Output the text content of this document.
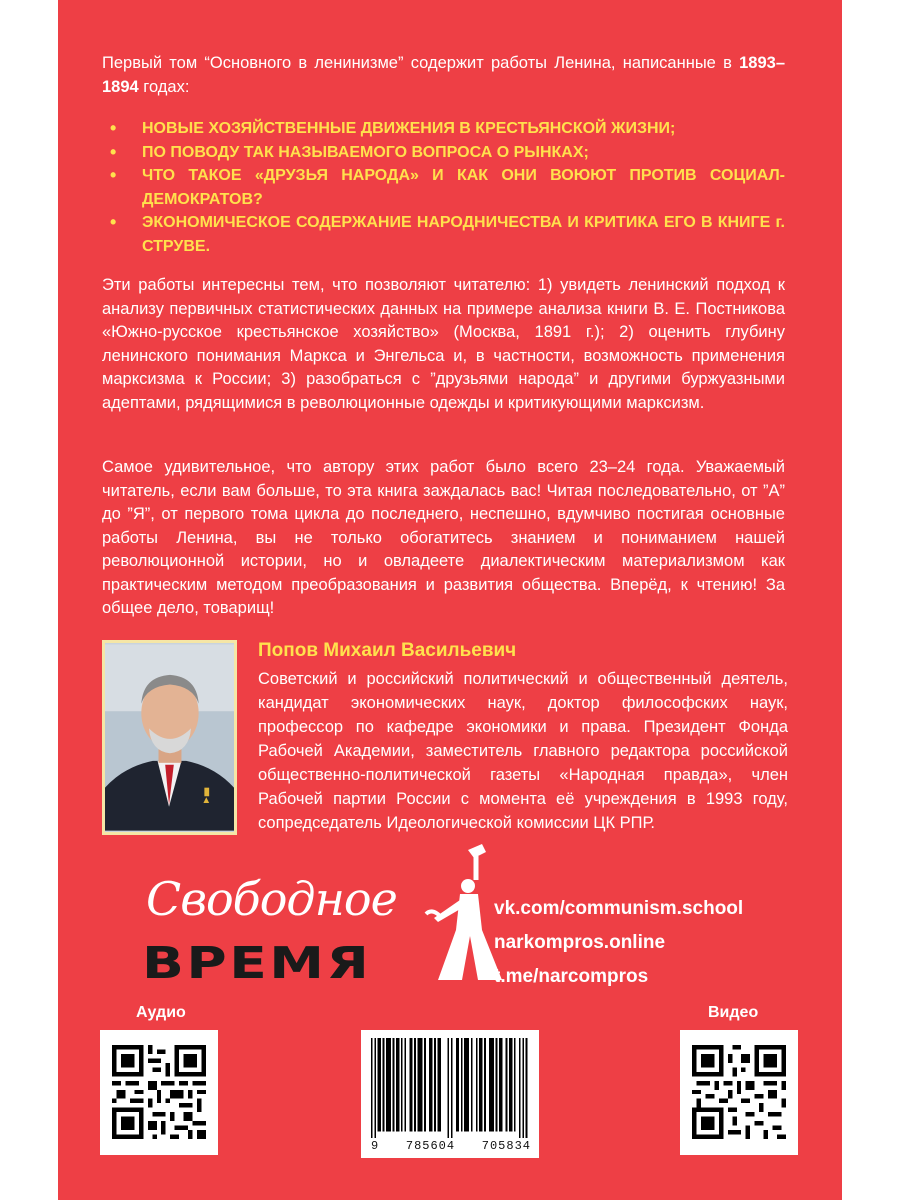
Первый том “Основного в ленинизме” содержит работы Ленина, написанные в 1893–1894 годах:

• НОВЫЕ ХОЗЯЙСТВЕННЫЕ ДВИЖЕНИЯ В КРЕСТЬЯНСКОЙ ЖИЗНИ;
• ПО ПОВОДУ ТАК НАЗЫВАЕМОГО ВОПРОСА О РЫНКАХ;
• ЧТО ТАКОЕ «ДРУЗЬЯ НАРОДА» И КАК ОНИ ВОЮЮТ ПРОТИВ СОЦИАЛ-ДЕМОКРАТОВ?
• ЭКОНОМИЧЕСКОЕ СОДЕРЖАНИЕ НАРОДНИЧЕСТВА И КРИТИКА ЕГО В КНИГЕ г. СТРУВЕ.

Эти работы интересны тем, что позволяют читателю: 1) увидеть ленинский подход к анализу первичных статистических данных на примере анализа книги В. Е. Постникова «Южно-русское крестьянское хозяйство» (Москва, 1891 г.); 2) оценить глубину ленинского понимания Маркса и Энгельса и, в частности, возможность применения марксизма к России; 3) разобраться с ”друзьями народа” и другими буржуазными адептами, рядящимися в революционные одежды и критикующими марксизм.

Самое удивительное, что автору этих работ было всего 23–24 года. Уважаемый читатель, если вам больше, то эта книга заждалась вас! Читая последовательно, от ”А” до ”Я”, от первого тома цикла до последнего, неспешно, вдумчиво постигая основные работы Ленина, вы не только обогатитесь знанием и пониманием нашей революционной истории, но и овладеете диалектическим материализмом как практическим методом преобразования и развития общества. Вперёд, к чтению! За общее дело, товарищ!

Попов Михаил Васильевич

Советский и российский политический и общественный деятель, кандидат экономических наук, доктор философских наук, профессор по кафедре экономики и права. Президент Фонда Рабочей Академии, заместитель главного редактора российской общественно-политической газеты «Народная правда», член Рабочей партии России с момента её учреждения в 1993 году, сопредседатель Идеологической комиссии ЦК РПР.

Свободное
ВРЕМЯ
vk.com/communism.school
narkompros.online
t.me/narcompros
Аудио	Видео
9 785604 705834
